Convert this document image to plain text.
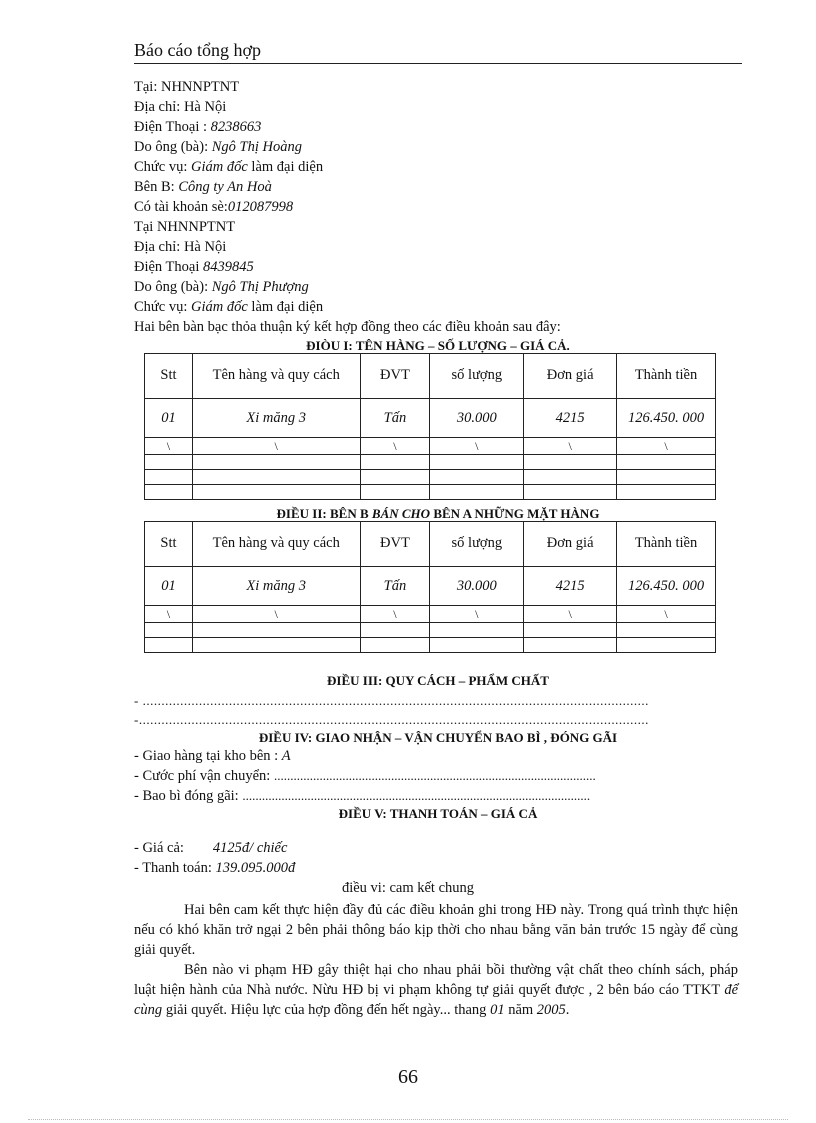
Báo cáo tổng hợp
Tại: NHNNPTNT
Địa chỉ: Hà Nội
Điện Thoại : 8238663
Do ông (bà): Ngô Thị Hoàng
Chức vụ: Giám đốc làm đại diện
Bên B: Công ty An Hoà
Có tài khoản sè:012087998
Tại NHNNPTNT
Địa chỉ: Hà Nội
Điện Thoại 8439845
Do ông (bà): Ngô Thị Phượng
Chức vụ: Giám đốc làm đại diện
Hai bên bàn bạc thỏa thuận ký kết hợp đồng theo các điều khoản sau đây:
ĐIÒU I: TÊN HÀNG – SỐ LƯỢNG – GIÁ CẢ.
Stt	Tên hàng và quy cách	ĐVT	số lượng	Đơn giá	Thành tiền
01	Xi măng 3	Tấn	30.000	4215	126.450. 000
\	\	\	\	\	\

ĐIỀU II: BÊN B BÁN CHO BÊN A NHỮNG MẶT HÀNG
Stt	Tên hàng và quy cách	ĐVT	số lượng	Đơn giá	Thành tiền
01	Xi măng 3	Tấn	30.000	4215	126.450. 000
\	\	\	\	\	\

ĐIỀU III: QUY CÁCH – PHẨM CHẤT
- .......................................................................................................................................
-........................................................................................................................................
ĐIỀU IV: GIAO NHẬN – VẬN CHUYỂN BAO BÌ , ĐÓNG GÃI
- Giao hàng tại kho bên : A
- Cước phí vận chuyển: ...................................................................................................
- Bao bì đóng gãi: ...........................................................................................................
ĐIỀU V: THANH TOÁN – GIÁ CẢ
- Giá cả:        4125đ/ chiếc
- Thanh toán: 139.095.000đ
điều vi: cam kết chung
Hai bên cam kết thực hiện đầy đủ các điều khoản ghi trong HĐ này. Trong quá trình thực hiện nếu có khó khăn trở ngại 2 bên phải thông báo kịp thời cho nhau bằng văn bản trước 15 ngày để cùng giải quyết.
Bên nào vi phạm HĐ gây thiệt hại cho nhau phải bồi thường vật chất theo chính sách, pháp luật hiện hành của Nhà nước. Nừu HĐ bị vi phạm không tự giải quyết được , 2 bên báo cáo TTKT để cùng giải quyết. Hiệu lực của hợp đồng đến hết ngày... thang 01 năm 2005.
66
